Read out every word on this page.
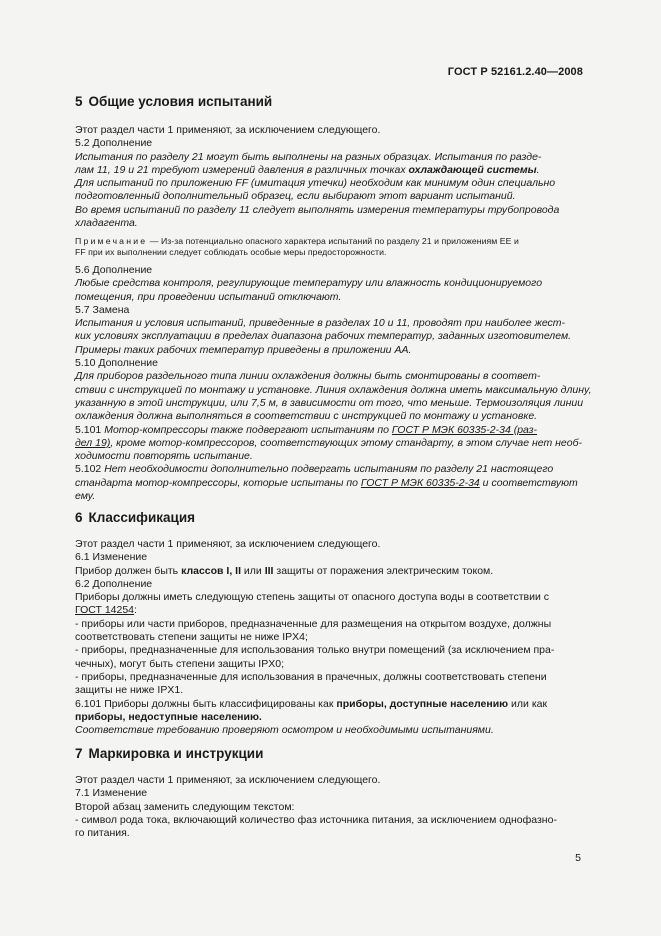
ГОСТ Р 52161.2.40—2008
5 Общие условия испытаний
Этот раздел части 1 применяют, за исключением следующего.
5.2 Дополнение
Испытания по разделу 21 могут быть выполнены на разных образцах. Испытания по разде-
лам 11, 19 и 21 требуют измерений давления в различных точках охлаждающей системы.
Для испытаний по приложению FF (имитация утечки) необходим как минимум один специально
подготовленный дополнительный образец, если выбирают этот вариант испытаний.
Во время испытаний по разделу 11 следует выполнять измерения температуры трубопровода
хладагента.
Примечание — Из-за потенциально опасного характера испытаний по разделу 21 и приложениям ЕЕ и
FF при их выполнении следует соблюдать особые меры предосторожности.
5.6 Дополнение
Любые средства контроля, регулирующие температуру или влажность кондиционируемого
помещения, при проведении испытаний отключают.
5.7 Замена
Испытания и условия испытаний, приведенные в разделах 10 и 11, проводят при наиболее жест-
ких условиях эксплуатации в пределах диапазона рабочих температур, заданных изготовителем.
Примеры таких рабочих температур приведены в приложении АА.
5.10 Дополнение
Для приборов раздельного типа линии охлаждения должны быть смонтированы в соответ-
ствии с инструкцией по монтажу и установке. Линия охлаждения должна иметь максимальную длину,
указанную в этой инструкции, или 7,5 м, в зависимости от того, что меньше. Термоизоляция линии
охлаждения должна выполняться в соответствии с инструкцией по монтажу и установке.
5.101 Мотор-компрессоры также подвергают испытаниям по ГОСТ Р МЭК 60335-2-34 (раз-
дел 19), кроме мотор-компрессоров, соответствующих этому стандарту, в этом случае нет необ-
ходимости повторять испытание.
5.102 Нет необходимости дополнительно подвергать испытаниям по разделу 21 настоящего
стандарта мотор-компрессоры, которые испытаны по ГОСТ Р МЭК 60335-2-34 и соответствуют
ему.
6 Классификация
Этот раздел части 1 применяют, за исключением следующего.
6.1 Изменение
Прибор должен быть классов I, II или III защиты от поражения электрическим током.
6.2 Дополнение
Приборы должны иметь следующую степень защиты от опасного доступа воды в соответствии с
ГОСТ 14254:
- приборы или части приборов, предназначенные для размещения на открытом воздухе, должны
соответствовать степени защиты не ниже IPX4;
- приборы, предназначенные для использования только внутри помещений (за исключением пра-
чечных), могут быть степени защиты IPX0;
- приборы, предназначенные для использования в прачечных, должны соответствовать степени
защиты не ниже IPX1.
6.101 Приборы должны быть классифицированы как приборы, доступные населению или как
приборы, недоступные населению.
Соответствие требованию проверяют осмотром и необходимыми испытаниями.
7 Маркировка и инструкции
Этот раздел части 1 применяют, за исключением следующего.
7.1 Изменение
Второй абзац заменить следующим текстом:
- символ рода тока, включающий количество фаз источника питания, за исключением однофазно-
го питания.
5
